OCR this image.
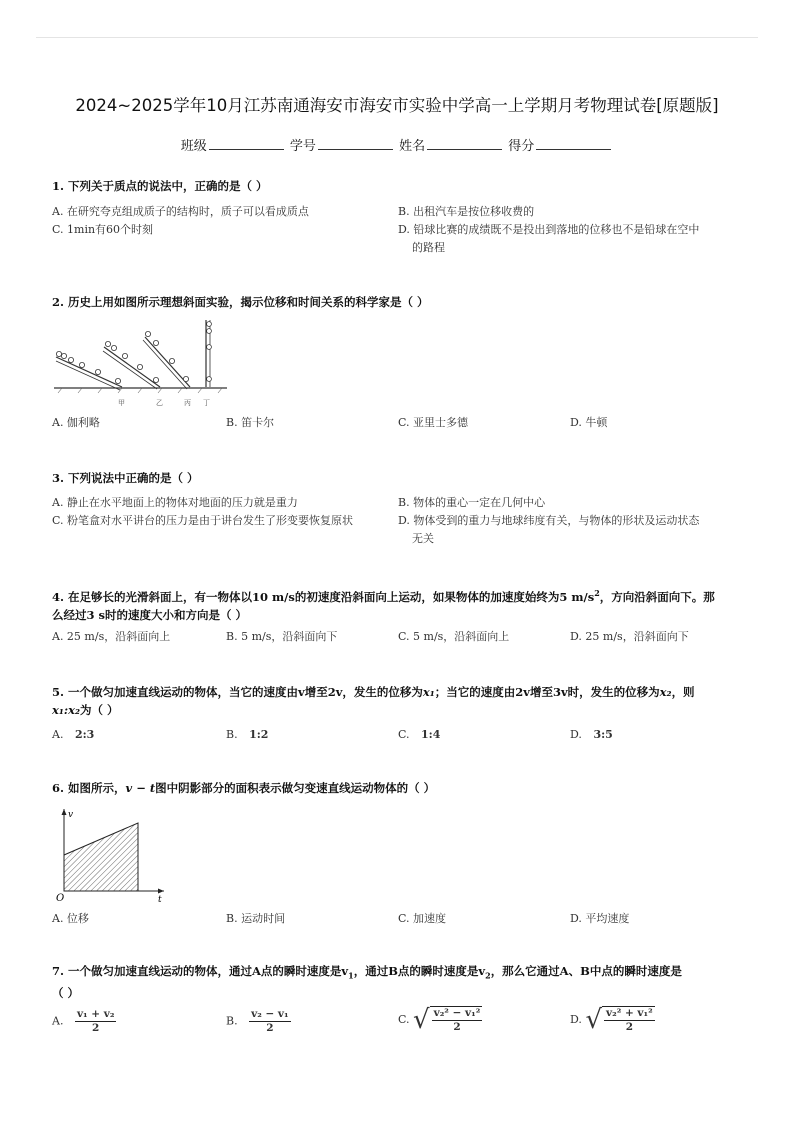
2024~2025学年10月江苏南通海安市海安市实验中学高一上学期月考物理试卷[原题版]
班级	学号	姓名	得分
1. 下列关于质点的说法中，正确的是（ ）
A. 在研究夸克组成质子的结构时，质子可以看成质点	B. 出租汽车是按位移收费的
C. 1min有60个时刻	D. 铅球比赛的成绩既不是投出到落地的位移也不是铅球在空中
的路程
2. 历史上用如图所示理想斜面实验，揭示位移和时间关系的科学家是（ ）
甲	乙	丙 丁
A. 伽利略	B. 笛卡尔	C. 亚里士多德	D. 牛顿
3. 下列说法中正确的是（ ）
A. 静止在水平地面上的物体对地面的压力就是重力	B. 物体的重心一定在几何中心
C. 粉笔盒对水平讲台的压力是由于讲台发生了形变要恢复原状	D. 物体受到的重力与地球纬度有关，与物体的形状及运动状态
无关
4. 在足够长的光滑斜面上，有一物体以10 m/s的初速度沿斜面向上运动，如果物体的加速度始终为5 $m/s^2$，方向沿斜面向下。那
么经过3 s时的速度大小和方向是（ ）
A. 25 m/s，沿斜面向上	B. 5 m/s，沿斜面向下	C. 5 m/s，沿斜面向上	D. 25 m/s，沿斜面向下
5. 一个做匀加速直线运动的物体，当它的速度由v增至2v，发生的位移为x₁；当它的速度由2v增至3v时，发生的位移为x₂，则
x₁:x₂为（ ）
A. 2:3	B. 1:2	C. 1:4	D. 3:5
6. 如图所示，v − t图中阴影部分的面积表示做匀变速直线运动物体的（ ）
v
O	t
A. 位移	B. 运动时间	C. 加速度	D. 平均速度
7. 一个做匀加速直线运动的物体，通过A点的瞬时速度是$v_1$，通过B点的瞬时速度是$v_2$，那么它通过A、B中点的瞬时速度是
（ ）
A. $\frac{\text{v₁ + v₂}}{2}$	B. $\frac{\text{v₂ − v₁}}{2}$	C. √ $\frac{\text{v₂² − v₁²}}{2}$	D. √ $\frac{\text{v₂² + v₁²}}{2}$
